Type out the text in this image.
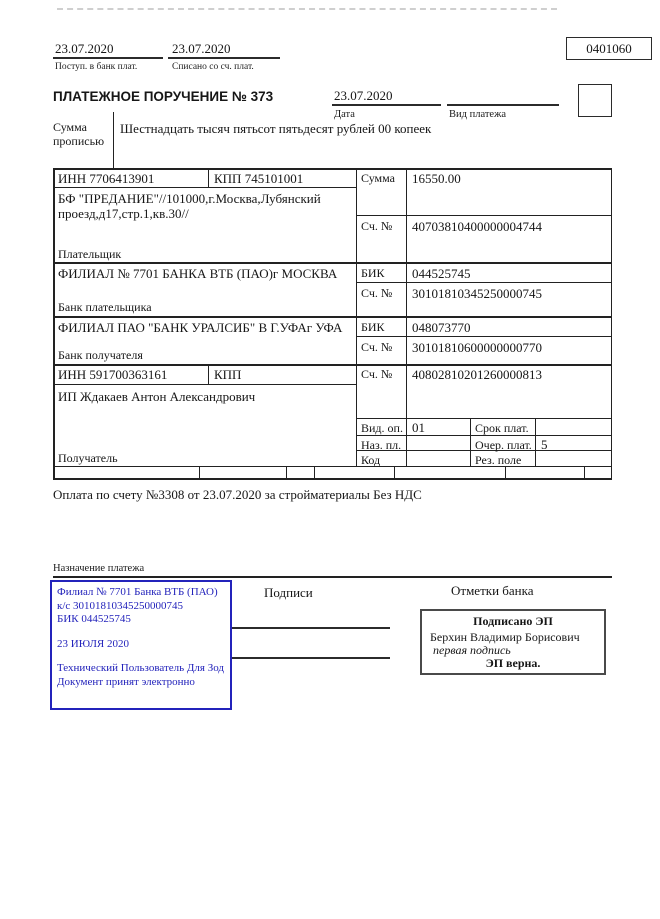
23.07.2020
Поступ. в банк плат.
23.07.2020
Списано со сч. плат.
0401060
ПЛАТЕЖНОЕ ПОРУЧЕНИЕ № 373	23.07.2020
Дата	Вид платежа
Сумма прописью
Шестнадцать тысяч пятьсот пятьдесят рублей 00 копеек
ИНН 7706413901	КПП 745101001
БФ "ПРЕДАНИЕ"//101000,г.Москва,Лубянский проезд,д17,стр.1,кв.30//
Плательщик
ФИЛИАЛ № 7701 БАНКА ВТБ (ПАО)г МОСКВА
Банк плательщика
ФИЛИАЛ ПАО "БАНК УРАЛСИБ" В Г.УФАг УФА
Банк получателя
ИНН 591700363161	КПП
ИП Ждакаев Антон Александрович
Получатель
Сумма 16550.00
Сч. № 40703810400000004744
БИК 044525745
Сч. № 30101810345250000745
БИК 048073770
Сч. № 30101810600000000770
Сч. № 40802810201260000813
Вид. оп. 01	Срок плат.
Наз. пл.	Очер. плат. 5
Код	Рез. поле
Оплата по счету №3308 от 23.07.2020 за стройматериалы Без НДС
Назначение платежа
Филиал № 7701 Банка ВТБ (ПАО)
к/с 30101810345250000745
БИК 044525745
23 ИЮЛЯ 2020
Технический Пользователь Для Зод
Документ принят электронно
Подписи	Отметки банка
Подписано ЭП
Берхин Владимир Борисович
первая подпись
ЭП верна.
